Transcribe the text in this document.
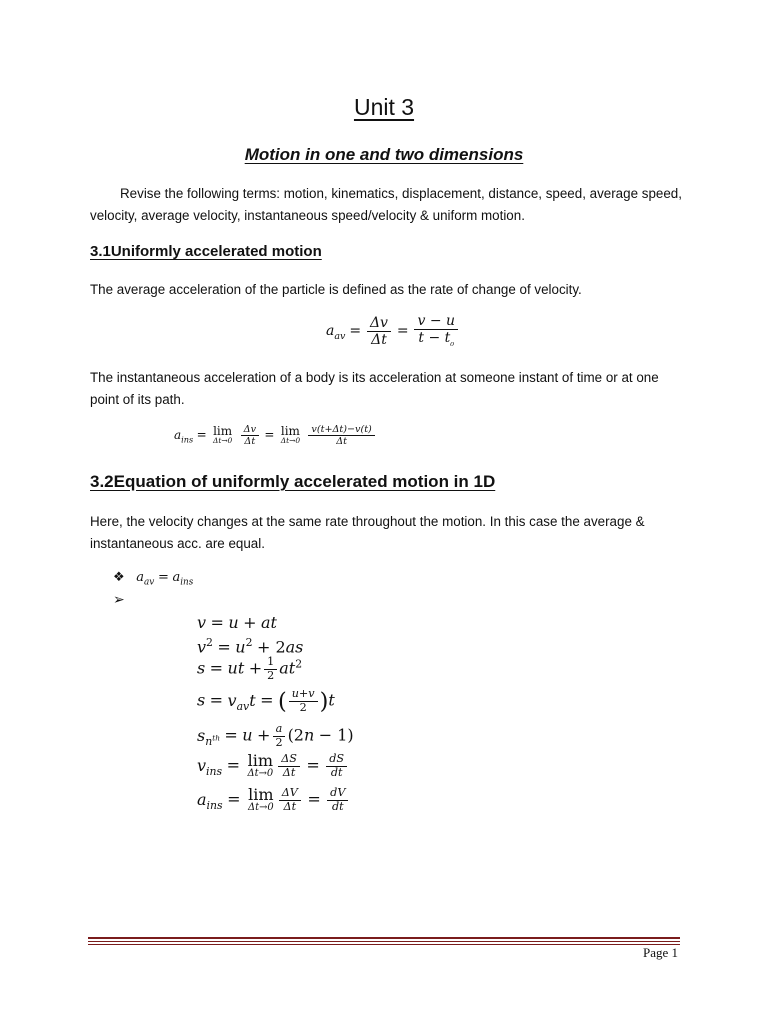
Unit 3
Motion in one and two dimensions
Revise the following terms: motion, kinematics, displacement, distance, speed, average speed, velocity, average velocity, instantaneous speed/velocity & uniform motion.
3.1Uniformly accelerated motion
The average acceleration of the particle is defined as the rate of change of velocity.
$a_{av} = \frac{\Delta v}{\Delta t} = \frac{v - u}{t - t_{_0}}$
The instantaneous acceleration of a body is its acceleration at someone instant of time or at one point of its path.
$a_{ins} = \lim$
Δt→0
$\frac{\Delta v}{\Delta t} = \lim$
Δt→0
$\frac{v(t+\Delta t)-v(t)}{\Delta t}$
3.2Equation of uniformly accelerated motion in 1D
Here, the velocity changes at the same rate throughout the motion. In this case the average & instantaneous acc. are equal.
❖ $a_{av} = a_{ins}$
➢
v = u + at
$v^2 = u^2 + 2as$
s = ut + $\frac{1}{2} at^2$
$s = v_{av}t$ = ( $\frac{u+v}{2} )t$
$s_{n^{th}} = u + \frac{a}{2} (2n - 1)$
$v_{ins} = \lim$
$\Delta t\to 0 \frac{\Delta S}{\Delta t} = \frac{dS}{dt}$
$a_{ins} = \lim$
$\Delta t\to 0 \frac{\Delta V}{\Delta t} = \frac{dV}{dt}$
Page 1
